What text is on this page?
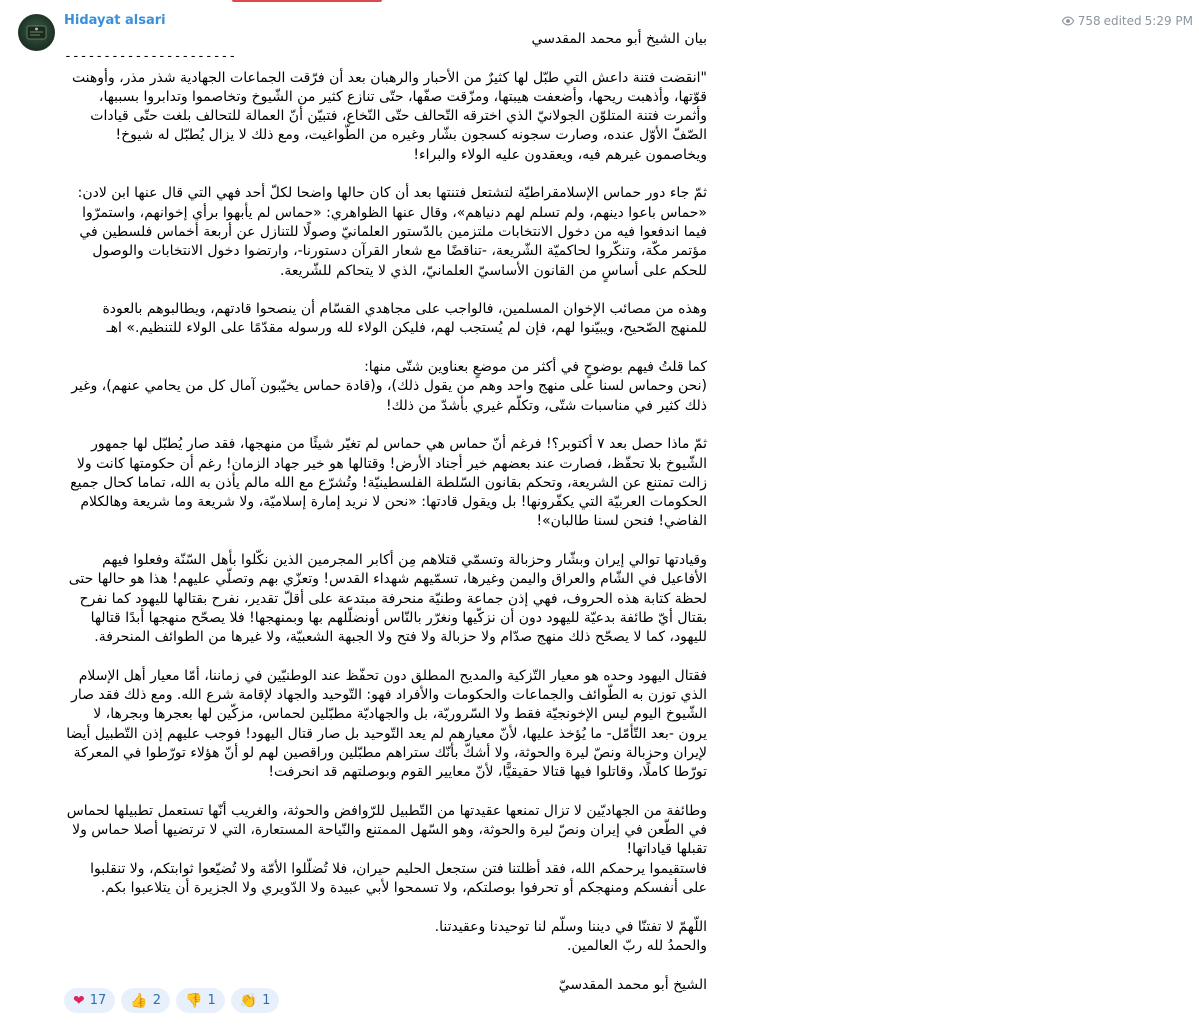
Hidayat alsari	758 edited 5:29 PM
----------------------
بيان الشيخ أبو محمد المقدسي

"انقضت فتنة داعش التي طبّل لها كثيرٌ من الأحبار والرهبان بعد أن فرّقت الجماعات الجهادية شذر مذر، وأوهنت قوّتها، وأذهبت ريحها، وأضعفت هيبتها، ومزّقت صفّها، حتّى تنازع كثير من الشّيوخ وتخاصموا وتدابروا بسببها، وأثمرت فتنة المتلوّن الجولانيّ الذي اخترقه التّحالف حتّى النّخاع، فتبيّن أنّ العمالة للتحالف بلغت حتّى قيادات الصّفّ الأوّل عنده، وصارت سجونه كسجون بشّار وغيره من الطّواغيت، ومع ذلك لا يزال يُطبّل له شيوخ! ويخاصمون غيرهم فيه، ويعقدون عليه الولاء والبراء!

ثمّ جاء دور حماس الإسلامقراطيّة لتشتعل فتنتها بعد أن كان حالها واضحا لكلّ أحد فهي التي قال عنها ابن لادن: «حماس باعوا دينهم، ولم تسلم لهم دنياهم»، وقال عنها الظواهري: «حماس لم يأبهوا برأي إخوانهم، واستمرّوا فيما اندفعوا فيه من دخول الانتخابات ملتزمين بالدّستور العلمانيّ وصولًا للتنازل عن أربعة أخماس فلسطين في مؤتمر مكّة، وتنكّروا لحاكميّة الشّريعة، -تناقضًا مع شعار القرآن دستورنا-، وارتضوا دخول الانتخابات والوصول للحكم على أساسٍ من القانون الأساسيّ العلمانيّ، الذي لا يتحاكم للشّريعة.

وهذه من مصائب الإخوان المسلمين، فالواجب على مجاهدي القسّام أن ينصحوا قادتهم، ويطالبوهم بالعودة للمنهج الصّحيح، ويبيّنوا لهم، فإن لم يُستجب لهم، فليكن الولاء لله ورسوله مقدّمًا على الولاء للتنظيم.» اهـ

كما قلتُ فيهم بوضوحٍ في أكثر من موضعٍ بعناوين شتّى منها:
(نحن وحماس لسنا على منهج واحد وهم من يقول ذلك)، و(قادة حماس يخيّبون آمال كل من يحامي عنهم)، وغير ذلك كثير في مناسبات شتّى، وتكلّم غيري بأشدّ من ذلك!

ثمّ ماذا حصل بعد ٧ أكتوبر؟! فرغم أنّ حماس هي حماس لم تغيّر شيئًا من منهجها، فقد صار يُطبّل لها جمهور الشّيوخ بلا تحفّظ، فصارت عند بعضهم خير أجناد الأرض! وقتالها هو خير جهاد الزمان! رغم أن حكومتها كانت ولا زالت تمتنع عن الشريعة، وتحكم بقانون السّلطة الفلسطينيّة! وتُشرّع مع الله مالم يأذن به الله، تماما كحال جميع الحكومات العربيّة التي يكفّرونها! بل ويقول قادتها: «نحن لا نريد إمارة إسلاميّة، ولا شريعة وما شريعة وهالكلام الفاضي! فنحن لسنا طالبان»!

وقيادتها توالي إيران وبشّار وحزبالة وتسمّي قتلاهم مِن أكابر المجرمين الذين نكّلوا بأهل السّنّة وفعلوا فيهم الأفاعيل في الشّام والعراق واليمن وغيرها، تسمّيهم شهداء القدس! وتعزّي بهم وتصلّي عليهم! هذا هو حالها حتى لحظة كتابة هذه الحروف، فهي إذن جماعة وطنيّة منحرفة مبتدعة على أقلّ تقدير، نفرح بقتالها لليهود كما نفرح بقتال أيّ طائفة بدعيّة لليهود دون أن نزكّيها ونغرّر بالنّاس أونضلّلهم بها وبمنهجها! فلا يصحّح منهجها أبدًا قتالها لليهود، كما لا يصحّح ذلك منهج صدّام ولا حزبالة ولا فتح ولا الجبهة الشعبيّة، ولا غيرها من الطوائف المنحرفة.

فقتال اليهود وحده هو معيار التّزكية والمديح المطلق دون تحفّظ عند الوطنيّين في زماننا، أمّا معيار أهل الإسلام الذي توزن به الطّوائف والجماعات والحكومات والأفراد فهو: التّوحيد والجهاد لإقامة شرع الله. ومع ذلك فقد صار الشّيوخ اليوم ليس الإخونجيّة فقط ولا السّروريّة، بل والجهاديّة مطبّلين لحماس، مزكّين لها بعجرها وبجرها، لا يرون -بعد التّأمّل- ما يُؤخذ عليها، لأنّ معيارهم لم يعد التّوحيد بل صار قتال اليهود! فوجب عليهم إذن التّطبيل أيضا لإيران وحزبالة ونصّ ليرة والحوثة، ولا أشكّ بأنّك ستراهم مطبّلين وراقصين لهم لو أنّ هؤلاء تورّطوا في المعركة تورّطا كاملًا، وقاتلوا فيها قتالا حقيقيًّا، لأنّ معايير القوم وبوصلتهم قد انحرفت!

وطائفة من الجهاديّين لا تزال تمنعها عقيدتها من التّطبيل للرّوافض والحوثة، والغريب أنّها تستعمل تطبيلها لحماس في الطّعن في إيران ونصّ ليرة والحوثة، وهو السّهل الممتنع والنّياحة المستعارة، التي لا ترتضيها أصلا حماس ولا تقبلها قياداتها!
فاستقيموا يرحمكم الله، فقد أظلتنا فتن ستجعل الحليم حيران، فلا تُضلّلوا الأمّة ولا تُضيّعوا ثوابتكم، ولا تنقلبوا على أنفسكم ومنهجكم أو تحرفوا بوصلتكم، ولا تسمحوا لأبي عبيدة ولا الدّويري ولا الجزيرة أن يتلاعبوا بكم.

اللّهمّ لا تفتنّا في ديننا وسلّم لنا توحيدنا وعقيدتنا.
والحمدُ لله ربّ العالمين.

الشيخ أبو محمد المقدسيّ
❤ 17 👍 2 👎 1 👏 1
